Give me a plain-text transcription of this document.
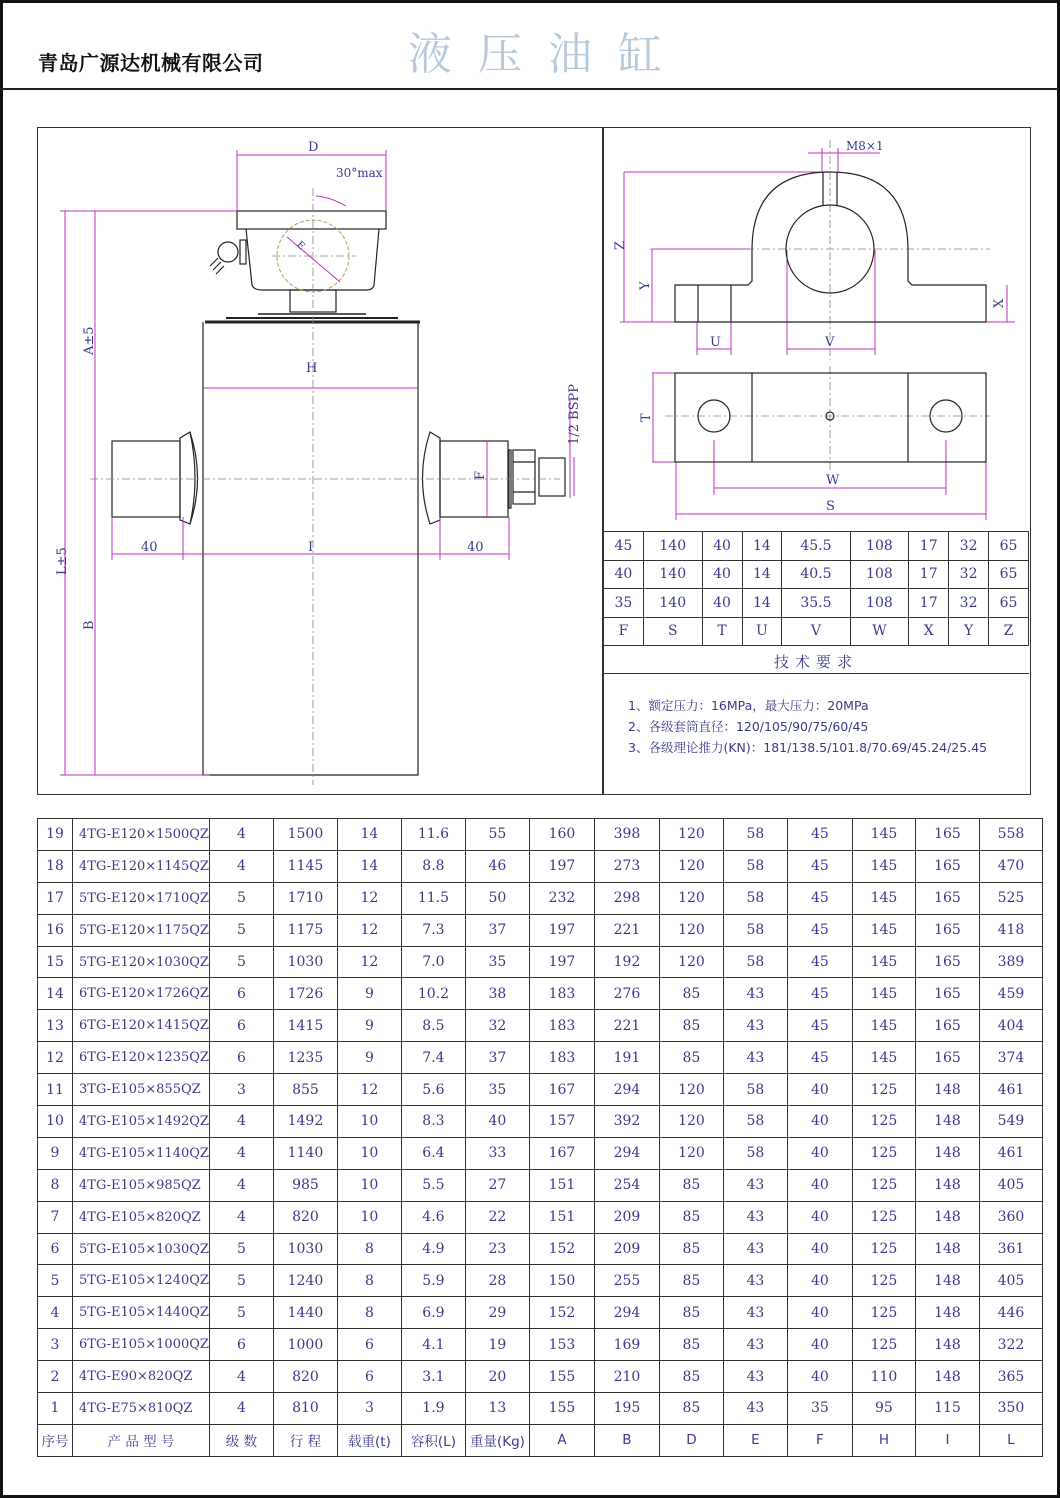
青岛广源达机械有限公司	液压油缸
D
30°max
H
I
40	40
A±5
L±5
B
F
1/2 BSPP
E
M8×1
Z
Y
X
U	V
T
W
S
45	140	40	14	45.5	108	17	32	65
40	140	40	14	40.5	108	17	32	65
35	140	40	14	35.5	108	17	32	65
F	S	T	U	V	W	X	Y	Z
技术要求
1、额定压力：16MPa，最大压力：20MPa
2、各级套筒直径：120/105/90/75/60/45
3、各级理论推力(KN)：181/138.5/101.8/70.69/45.24/25.45
19	4TG-E120×1500QZ	4	1500	14	11.6	55	160	398	120	58	45	145	165	558
18	4TG-E120×1145QZ	4	1145	14	8.8	46	197	273	120	58	45	145	165	470
17	5TG-E120×1710QZ	5	1710	12	11.5	50	232	298	120	58	45	145	165	525
16	5TG-E120×1175QZ	5	1175	12	7.3	37	197	221	120	58	45	145	165	418
15	5TG-E120×1030QZ	5	1030	12	7.0	35	197	192	120	58	45	145	165	389
14	6TG-E120×1726QZ	6	1726	9	10.2	38	183	276	85	43	45	145	165	459
13	6TG-E120×1415QZ	6	1415	9	8.5	32	183	221	85	43	45	145	165	404
12	6TG-E120×1235QZ	6	1235	9	7.4	37	183	191	85	43	45	145	165	374
11	3TG-E105×855QZ	3	855	12	5.6	35	167	294	120	58	40	125	148	461
10	4TG-E105×1492QZ	4	1492	10	8.3	40	157	392	120	58	40	125	148	549
9	4TG-E105×1140QZ	4	1140	10	6.4	33	167	294	120	58	40	125	148	461
8	4TG-E105×985QZ	4	985	10	5.5	27	151	254	85	43	40	125	148	405
7	4TG-E105×820QZ	4	820	10	4.6	22	151	209	85	43	40	125	148	360
6	5TG-E105×1030QZ	5	1030	8	4.9	23	152	209	85	43	40	125	148	361
5	5TG-E105×1240QZ	5	1240	8	5.9	28	150	255	85	43	40	125	148	405
4	5TG-E105×1440QZ	5	1440	8	6.9	29	152	294	85	43	40	125	148	446
3	6TG-E105×1000QZ	6	1000	6	4.1	19	153	169	85	43	40	125	148	322
2	4TG-E90×820QZ	4	820	6	3.1	20	155	210	85	43	40	110	148	365
1	4TG-E75×810QZ	4	810	3	1.9	13	155	195	85	43	35	95	115	350
序号	产 品 型 号	级 数	行 程	载重(t)	容积(L)	重量(Kg)	A	B	D	E	F	H	I	L
